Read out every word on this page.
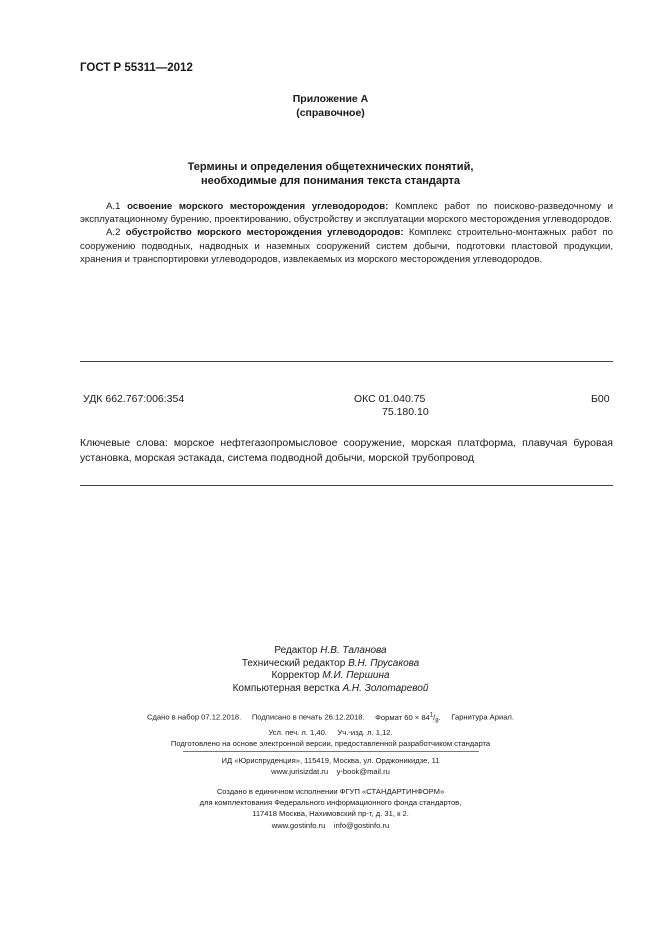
ГОСТ Р 55311—2012
Приложение А
(справочное)
Термины и определения общетехнических понятий,
необходимые для понимания текста стандарта

А.1 освоение морского месторождения углеводородов: Комплекс работ по поисково-разведочному и эксплуатационному бурению, проектированию, обустройству и эксплуатации морского месторождения углеводородов.

А.2 обустройство морского месторождения углеводородов: Комплекс строительно-монтажных работ по сооружению подводных, надводных и наземных сооружений систем добычи, подготовки пластовой продукции, хранения и транспортировки углеводородов, извлекаемых из морского месторождения углеводородов.

УДК 662.767:006:354	ОКС 01.040.75
75.180.10
Б00
Ключевые слова: морское нефтегазопромысловое сооружение, морская платформа, плавучая буровая установка, морская эстакада, система подводной добычи, морской трубопровод
Редактор Н.В. Таланова
Технический редактор В.Н. Прусакова
Корректор М.И. Першина
Компьютерная верстка А.Н. Золотаревой
Сдано в набор 07.12.2018. Подписано в печать 26.12.2018. Формат $60 \times 84^1/_8$. Гарнитура Ариал.
Усл. печ. л. 1,40. Уч.-изд. л. 1,12.
Подготовлено на основе электронной версии, предоставленной разработчиком стандарта
ИД «Юриспруденция», 115419, Москва, ул. Орджоникидзе, 11
www.jurisizdat.ru y-book@mail.ru
Создано в единичном исполнении ФГУП «СТАНДАРТИНФОРМ»
для комплектования Федерального информационного фонда стандартов,
117418 Москва, Нахимовский пр-т, д. 31, к 2.
www.gostinfo.ru info@gostinfo.ru
